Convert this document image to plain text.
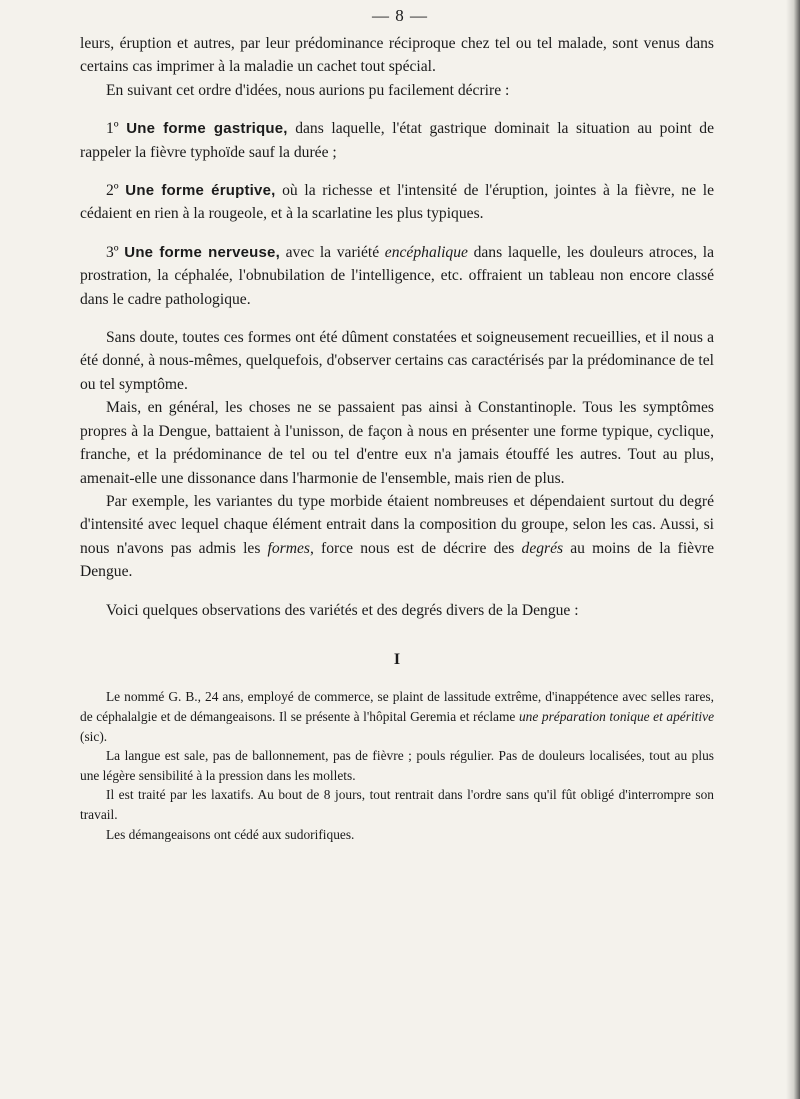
— 8 —

leurs, éruption et autres, par leur prédominance réciproque chez tel ou tel malade, sont venus dans certains cas imprimer à la maladie un cachet tout spécial.

En suivant cet ordre d'idées, nous aurions pu facilement décrire :

1º Une forme gastrique, dans laquelle, l'état gastrique dominait la situation au point de rappeler la fièvre typhoïde sauf la durée ;

2º Une forme éruptive, où la richesse et l'intensité de l'éruption, jointes à la fièvre, ne le cédaient en rien à la rougeole, et à la scarlatine les plus typiques.

3º Une forme nerveuse, avec la variété encéphalique dans laquelle, les douleurs atroces, la prostration, la céphalée, l'obnubilation de l'intelligence, etc. offraient un tableau non encore classé dans le cadre pathologique.

Sans doute, toutes ces formes ont été dûment constatées et soigneusement recueillies, et il nous a été donné, à nous-mêmes, quelquefois, d'observer certains cas caractérisés par la prédominance de tel ou tel symptôme.

Mais, en général, les choses ne se passaient pas ainsi à Constantinople. Tous les symptômes propres à la Dengue, battaient à l'unisson, de façon à nous en présenter une forme typique, cyclique, franche, et la prédominance de tel ou tel d'entre eux n'a jamais étouffé les autres. Tout au plus, amenait-elle une dissonance dans l'harmonie de l'ensemble, mais rien de plus.

Par exemple, les variantes du type morbide étaient nombreuses et dépendaient surtout du degré d'intensité avec lequel chaque élément entrait dans la composition du groupe, selon les cas. Aussi, si nous n'avons pas admis les formes, force nous est de décrire des degrés au moins de la fièvre Dengue.

Voici quelques observations des variétés et des degrés divers de la Dengue :

I

Le nommé G. B., 24 ans, employé de commerce, se plaint de lassitude extrême, d'inappétence avec selles rares, de céphalalgie et de démangeaisons. Il se présente à l'hôpital Geremia et réclame une préparation tonique et apéritive (sic).

La langue est sale, pas de ballonnement, pas de fièvre ; pouls régulier. Pas de douleurs localisées, tout au plus une légère sensibilité à la pression dans les mollets.

Il est traité par les laxatifs. Au bout de 8 jours, tout rentrait dans l'ordre sans qu'il fût obligé d'interrompre son travail.

Les démangeaisons ont cédé aux sudorifiques.
